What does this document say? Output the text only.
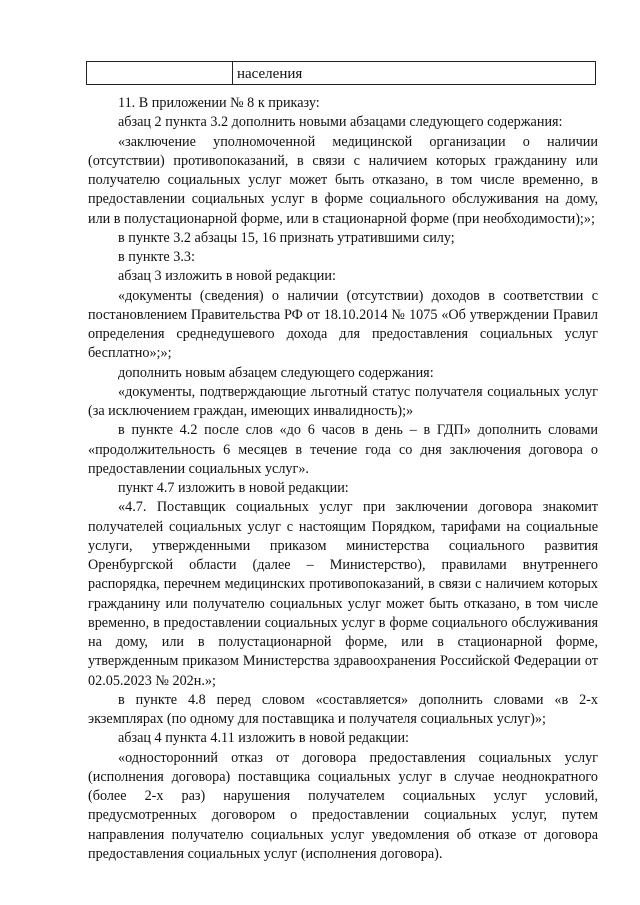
населения

11. В приложении № 8 к приказу:

абзац 2 пункта 3.2 дополнить новыми абзацами следующего содержания:

«заключение уполномоченной медицинской организации о наличии (отсутствии) противопоказаний, в связи с наличием которых гражданину или получателю социальных услуг может быть отказано, в том числе временно, в предоставлении социальных услуг в форме социального обслуживания на дому, или в полустационарной форме, или в стационарной форме (при необходимости);»;

в пункте 3.2 абзацы 15, 16 признать утратившими силу;

в пункте 3.3:

абзац 3 изложить в новой редакции:

«документы (сведения) о наличии (отсутствии) доходов в соответствии с постановлением Правительства РФ от 18.10.2014 № 1075 «Об утверждении Правил определения среднедушевого дохода для предоставления социальных услуг бесплатно»;»;

дополнить новым абзацем следующего содержания:

«документы, подтверждающие льготный статус получателя социальных услуг (за исключением граждан, имеющих инвалидность);»

в пункте 4.2 после слов «до 6 часов в день – в ГДП» дополнить словами «продолжительность 6 месяцев в течение года со дня заключения договора о предоставлении социальных услуг».

пункт 4.7 изложить в новой редакции:

«4.7. Поставщик социальных услуг при заключении договора знакомит получателей социальных услуг с настоящим Порядком, тарифами на социальные услуги, утвержденными приказом министерства социального развития Оренбургской области (далее – Министерство), правилами внутреннего распорядка, перечнем медицинских противопоказаний, в связи с наличием которых гражданину или получателю социальных услуг может быть отказано, в том числе временно, в предоставлении социальных услуг в форме социального обслуживания на дому, или в полустационарной форме, или в стационарной форме, утвержденным приказом Министерства здравоохранения Российской Федерации от 02.05.2023 № 202н.»;

в пункте 4.8 перед словом «составляется» дополнить словами «в 2-х экземплярах (по одному для поставщика и получателя социальных услуг)»;

абзац 4 пункта 4.11 изложить в новой редакции:

«односторонний отказ от договора предоставления социальных услуг (исполнения договора) поставщика социальных услуг в случае неоднократного (более 2-х раз) нарушения получателем социальных услуг условий, предусмотренных договором о предоставлении социальных услуг, путем направления получателю социальных услуг уведомления об отказе от договора предоставления социальных услуг (исполнения договора).
